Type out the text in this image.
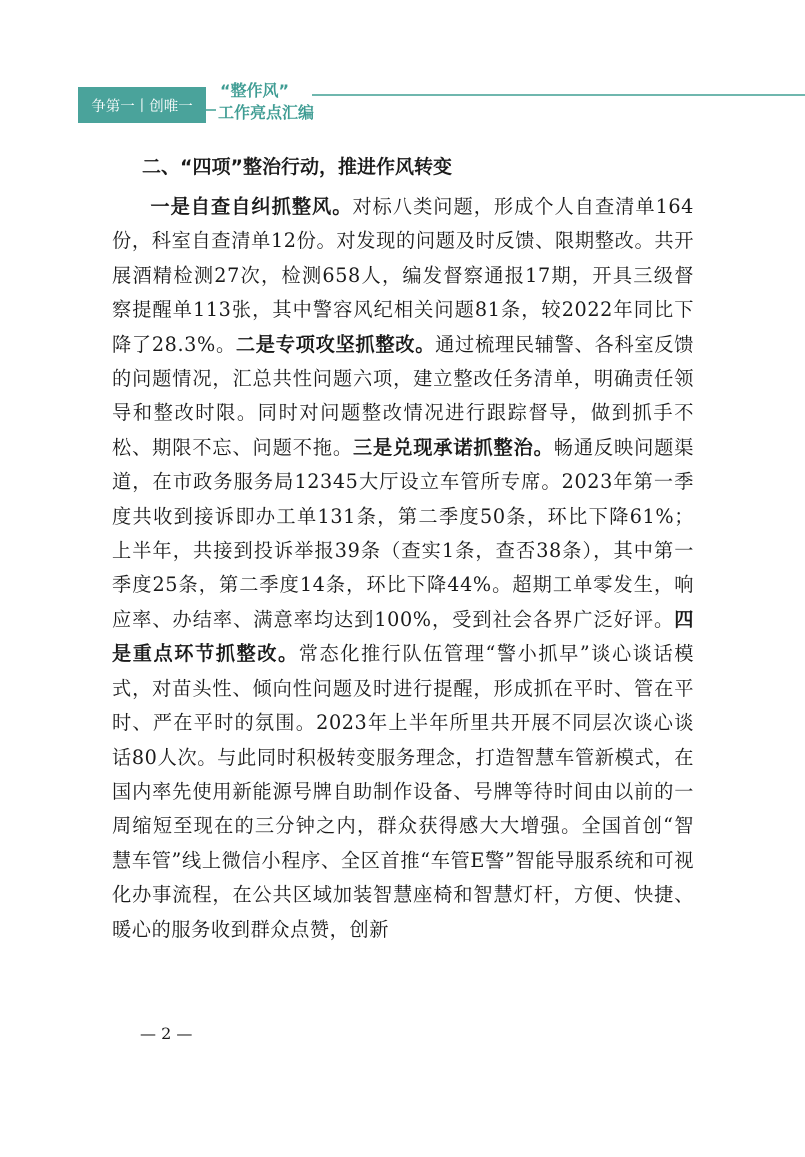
争第一丨创唯一
“整作风”
工作亮点汇编
二、“四项”整治行动，推进作风转变
一是自查自纠抓整风。对标八类问题，形成个人自查清单164份，科室自查清单12份。对发现的问题及时反馈、限期整改。共开展酒精检测27次，检测658人，编发督察通报17期，开具三级督察提醒单113张，其中警容风纪相关问题81条，较2022年同比下降了28.3%。二是专项攻坚抓整改。通过梳理民辅警、各科室反馈的问题情况，汇总共性问题六项，建立整改任务清单，明确责任领导和整改时限。同时对问题整改情况进行跟踪督导，做到抓手不松、期限不忘、问题不拖。三是兑现承诺抓整治。畅通反映问题渠道，在市政务服务局12345大厅设立车管所专席。2023年第一季度共收到接诉即办工单131条，第二季度50条，环比下降61%；上半年，共接到投诉举报39条（查实1条，查否38条），其中第一季度25条，第二季度14条，环比下降44%。超期工单零发生，响应率、办结率、满意率均达到100%，受到社会各界广泛好评。四是重点环节抓整改。常态化推行队伍管理“警小抓早”谈心谈话模式，对苗头性、倾向性问题及时进行提醒，形成抓在平时、管在平时、严在平时的氛围。2023年上半年所里共开展不同层次谈心谈话80人次。与此同时积极转变服务理念，打造智慧车管新模式，在国内率先使用新能源号牌自助制作设备、号牌等待时间由以前的一周缩短至现在的三分钟之内，群众获得感大大增强。全国首创“智慧车管”线上微信小程序、全区首推“车管E警”智能导服系统和可视化办事流程，在公共区域加装智慧座椅和智慧灯杆，方便、快捷、暖心的服务收到群众点赞，创新
— 2 —
